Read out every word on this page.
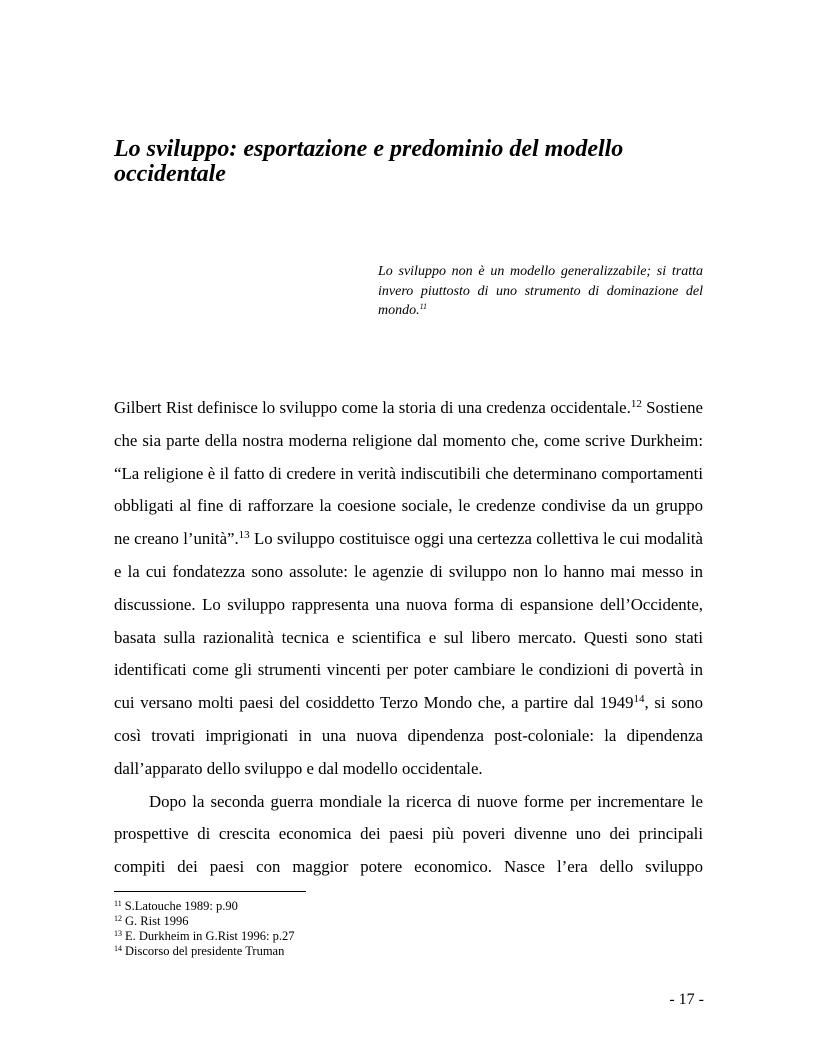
Lo sviluppo: esportazione e predominio del modello occidentale

Lo sviluppo non è un modello generalizzabile; si tratta invero piuttosto di uno strumento di dominazione del mondo.$^{11}$

Gilbert Rist definisce lo sviluppo come la storia di una credenza occidentale.$^{12}$ Sostiene che sia parte della nostra moderna religione dal momento che, come scrive Durkheim: “La religione è il fatto di credere in verità indiscutibili che determinano comportamenti obbligati al fine di rafforzare la coesione sociale, le credenze condivise da un gruppo ne creano l’unità”.$^{13}$ Lo sviluppo costituisce oggi una certezza collettiva le cui modalità e la cui fondatezza sono assolute: le agenzie di sviluppo non lo hanno mai messo in discussione. Lo sviluppo rappresenta una nuova forma di espansione dell’Occidente, basata sulla razionalità tecnica e scientifica e sul libero mercato. Questi sono stati identificati come gli strumenti vincenti per poter cambiare le condizioni di povertà in cui versano molti paesi del cosiddetto Terzo Mondo che, a partire dal 1949$^{14}$, si sono così trovati imprigionati in una nuova dipendenza post-coloniale: la dipendenza dall’apparato dello sviluppo e dal modello occidentale.

Dopo la seconda guerra mondiale la ricerca di nuove forme per incrementare le prospettive di crescita economica dei paesi più poveri divenne uno dei principali compiti dei paesi con maggior potere economico. Nasce l’era dello sviluppo

$^{11}$ S.Latouche 1989: p.90
$^{12}$ G. Rist 1996
$^{13}$ E. Durkheim in G.Rist 1996: p.27
$^{14}$ Discorso del presidente Truman
- 17 -
